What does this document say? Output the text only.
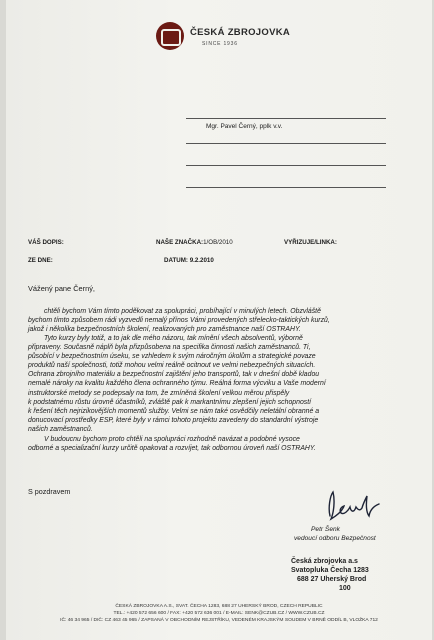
ČESKÁ ZBROJOVKA
SINCE 1936
Mgr. Pavel Černý, pplk v.v.
VÁŠ DOPIS:	NAŠE ZNAČKA:1/OB/2010	VYŘIZUJE/LINKA:
ZE DNE:	DATUM: 9.2.2010
Vážený pane Černý,

chtěli bychom Vám tímto poděkovat za spolupráci, probíhající v minulých letech. Obzvláště

bychom tímto způsobem rádi vyzvedli nemalý přínos Vámi provedených střelecko-taktických kurzů,

jakož i několika bezpečnostních školení, realizovaných pro zaměstnance naší OSTRAHY.

Tyto kurzy byly totiž, a to jak dle mého názoru, tak mínění všech absolventů, výborně

připraveny. Současně náplň byla přizpůsobena na specifika činnosti našich zaměstnanců. Ti,

působící v bezpečnostním úseku, se vzhledem k svým náročným úkolům a strategické povaze

produktů naší společnosti, totiž mohou velmi reálně ocitnout ve velmi nebezpečných situacích.

Ochrana zbrojního materiálu a bezpečnostní zajištění jeho transportů, tak v dnešní době kladou

nemalé nároky na kvalitu každého člena ochranného týmu. Reálná forma výcviku a Vaše moderní

instruktorské metody se podepsaly na tom, že zmíněná školení velkou měrou přispěly

k podstatnému růstu úrovně účastníků, zvláště pak k markantnímu zlepšení jejich schopností

k řešení těch nejrizikovějších momentů služby. Velmi se nám také osvědčily neletální obranné a

donucovací prostředky ESP, které byly v rámci tohoto projektu zavedeny do standardní výstroje

našich zaměstnanců.

V budoucnu bychom proto chtěli na spolupráci rozhodně navázat a podobné vysoce

odborné a specializační kurzy určitě opakovat a rozvíjet, tak odbornou úroveň naší OSTRAHY.

S pozdravem
Petr Šenk
vedoucí odboru Bezpečnost
Česká zbrojovka a.s
Svatopluka Čecha 1283
688 27 Uherský Brod
100
ČESKÁ ZBROJOVKA A.S., SVAT. ČECHA 1283, 688 27 UHERSKÝ BROD, CZECH REPUBLIC
TEL.: +420 572 656 600 / FAX: +420 572 636 001 / E-MAIL: SENK@CZUB.CZ / WWW.CZUB.CZ
IČ: 46 34 965 / DIČ: CZ 463 45 965 / ZAPSANÁ V OBCHODNÍM REJSTŘÍKU, VEDENÉM KRAJSKÝM SOUDEM V BRNĚ ODDÍL B, VLOŽKA 712
